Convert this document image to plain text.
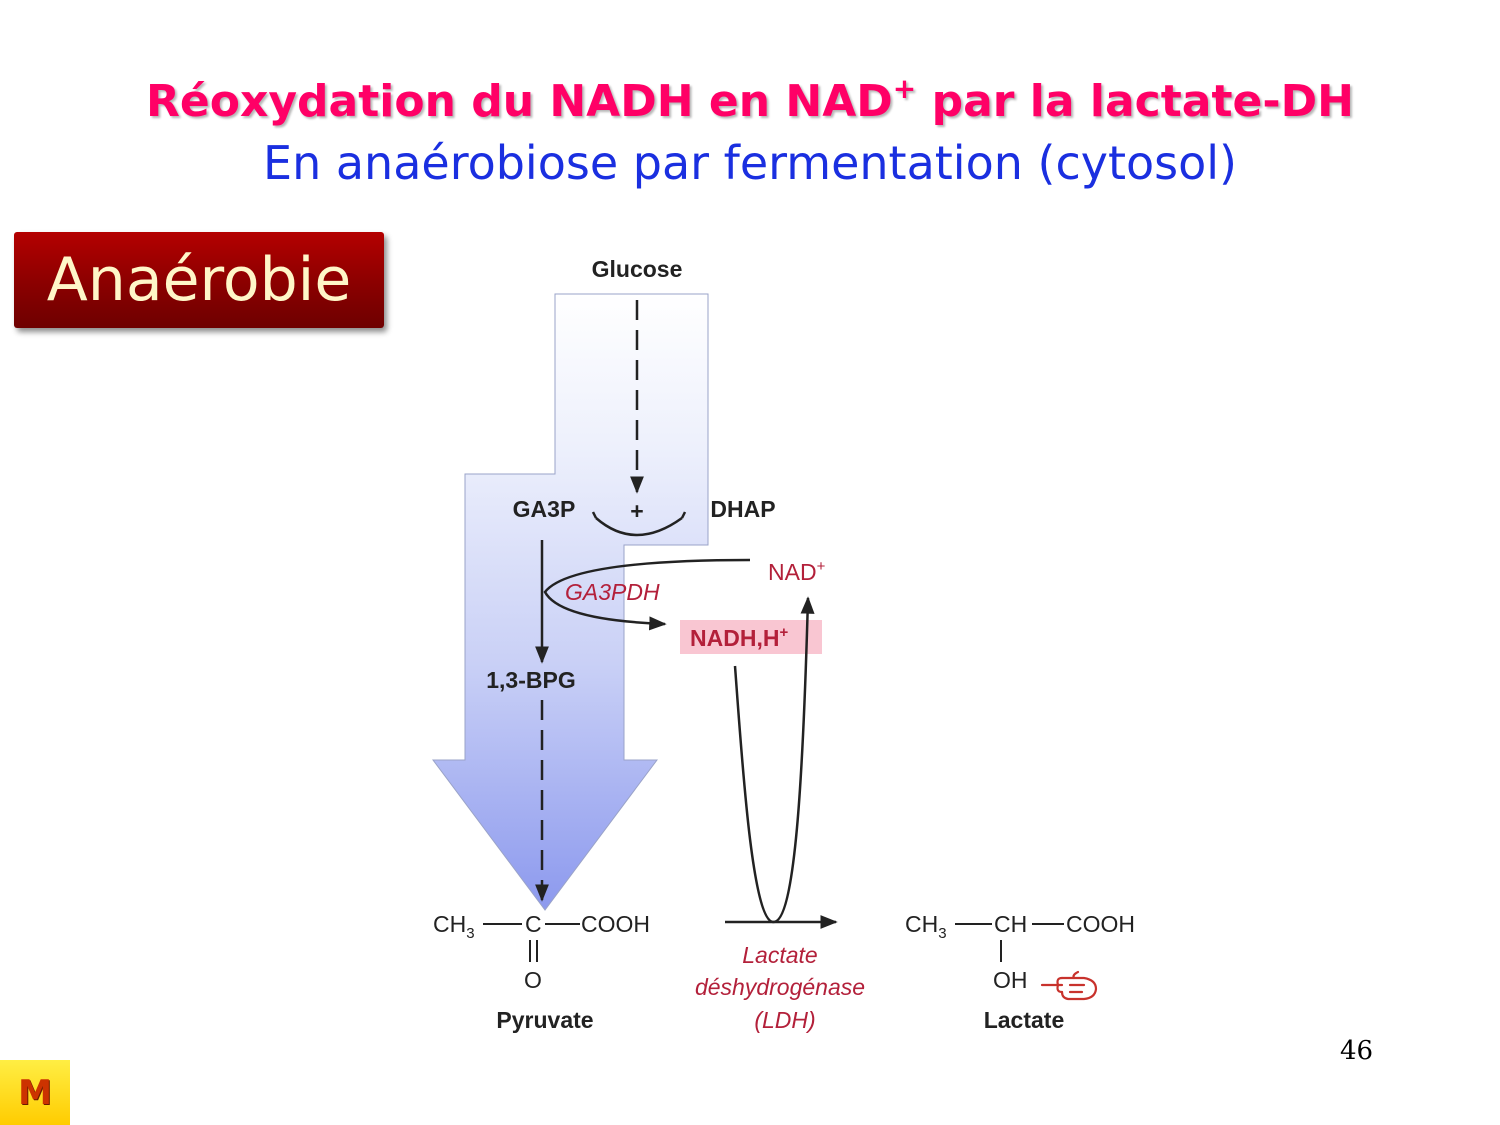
Réoxydation du NADH en NAD+ par la lactate-DH
En anaérobiose par fermentation (cytosol)
Anaérobie	Glucose
GA3P +	DHAP
NAD+
GA3PDH
NADH,H+
1,3-BPG
$CH_3$ C COOH
O
Pyruvate
Lactate
déshydrogénase
(LDH)
$CH_3$ CH COOH
OH
Lactate
46
M
